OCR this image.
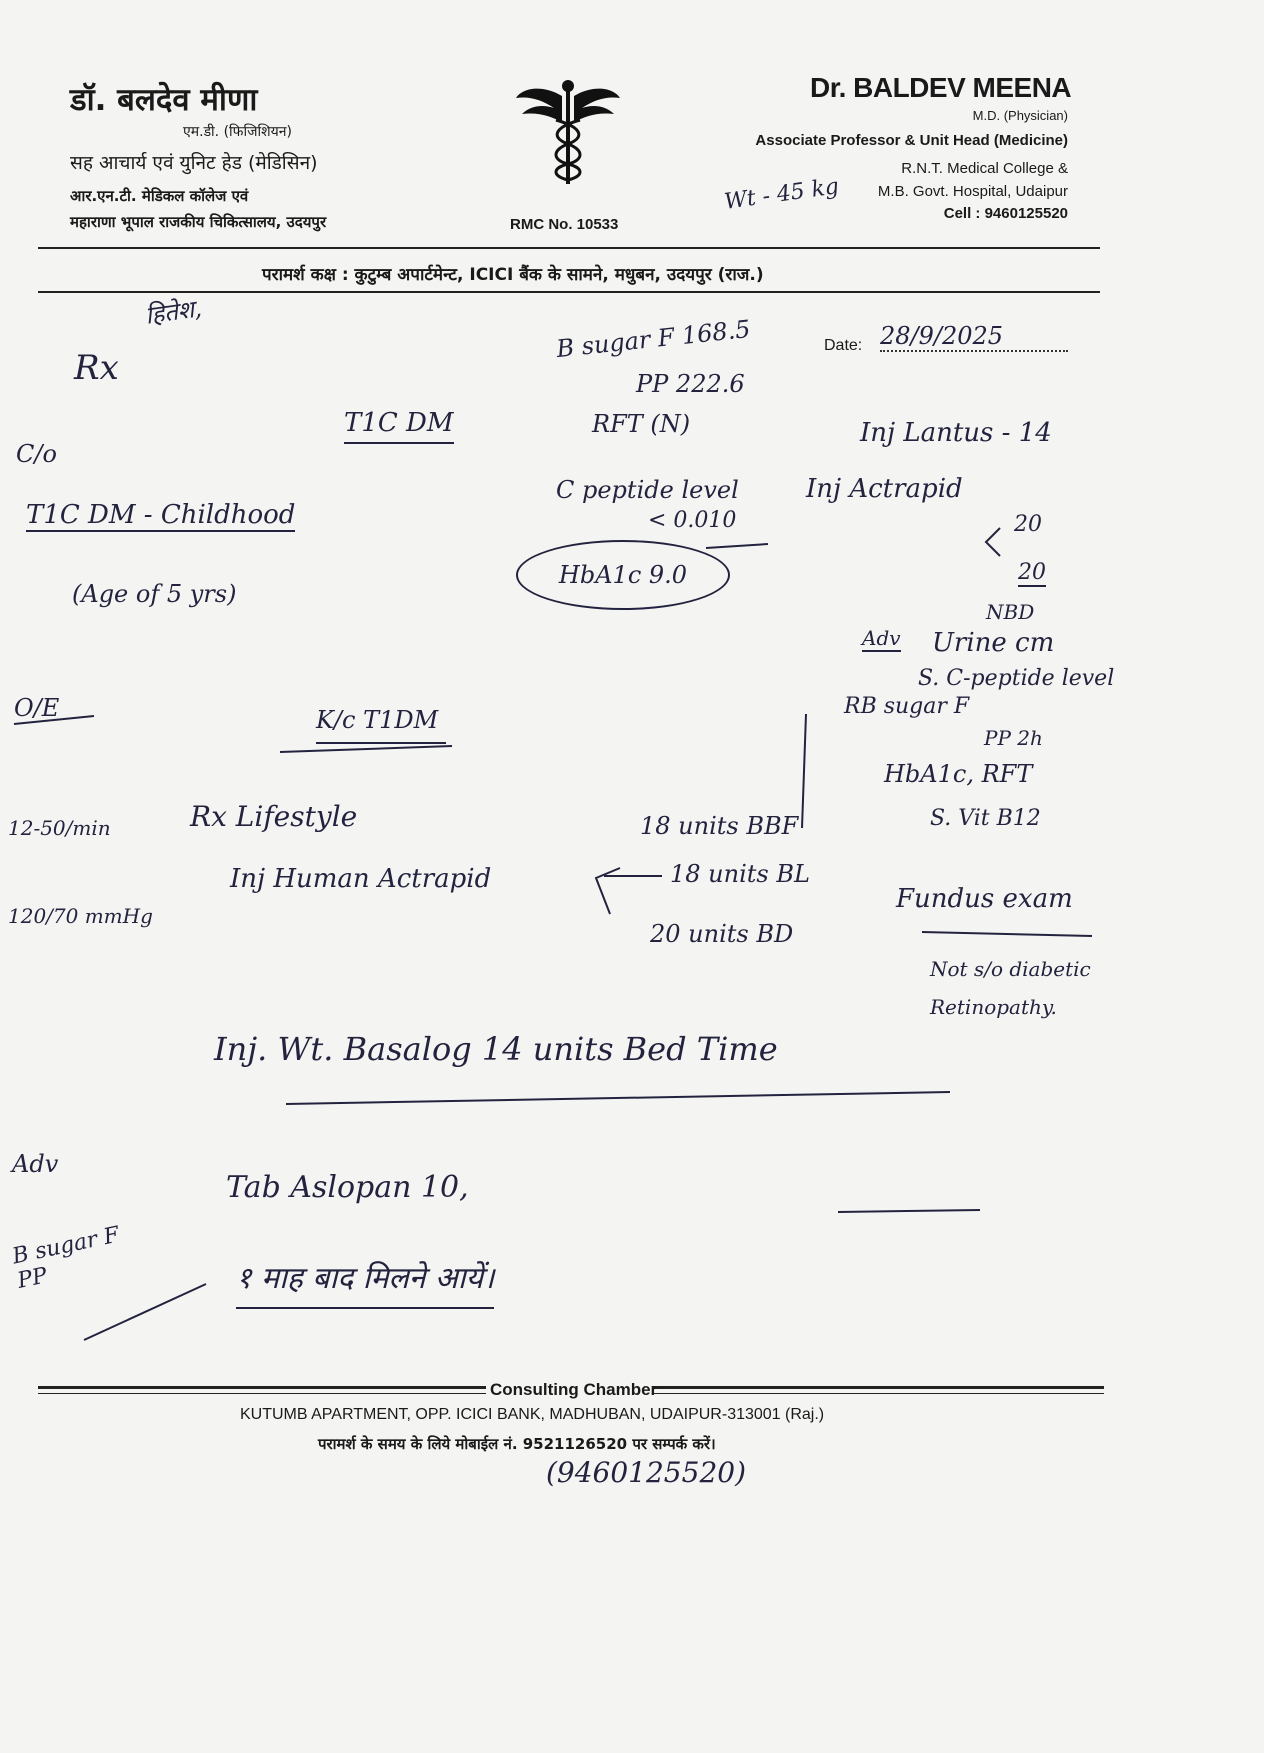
डॉ. बलदेव मीणा
एम.डी. (फिजिशियन)
सह आचार्य एवं युनिट हेड (मेडिसिन)
आर.एन.टी. मेडिकल कॉलेज एवं
महाराणा भूपाल राजकीय चिकित्सालय, उदयपुर	RMC No. 10533
Dr. BALDEV MEENA
M.D. (Physician)
Associate Professor & Unit Head (Medicine)
R.N.T. Medical College &
M.B. Govt. Hospital, Udaipur
Cell : 9460125520
Wt - 45 kg
परामर्श कक्ष : कुटुम्ब अपार्टमेन्ट, ICICI बैंक के सामने, मधुबन, उदयपुर (राज.)
Date: 28/9/2025
हितेश,
Rx
B sugar F 168.5
PP 222.6
RFT (N)
T1C DM
C/o
T1C DM - Childhood
(Age of 5 yrs)
C peptide level
< 0.010
HbA1c 9.0
Inj Lantus - 14
Inj Actrapid
20
20
NBD
Adv Urine cm
S. C-peptide level
RB sugar F
PP 2h
HbA1c, RFT
S. Vit B12
Fundus exam
Not s/o diabetic Retinopathy.
O/E	K/c T1DM
12-50/min
120/70 mmHg
Rx Lifestyle
Inj Human Actrapid
18 units BBF
18 units BL
20 units BD
Inj. Wt. Basalog 14 units Bed Time
Adv
B sugar F PP
Tab Aslopan 10,
१ माह बाद मिलने आयें।
Consulting Chamber
KUTUMB APARTMENT, OPP. ICICI BANK, MADHUBAN, UDAIPUR-313001 (Raj.)
परामर्श के समय के लिये मोबाईल नं. 9521126520 पर सम्पर्क करें।
(9460125520)
